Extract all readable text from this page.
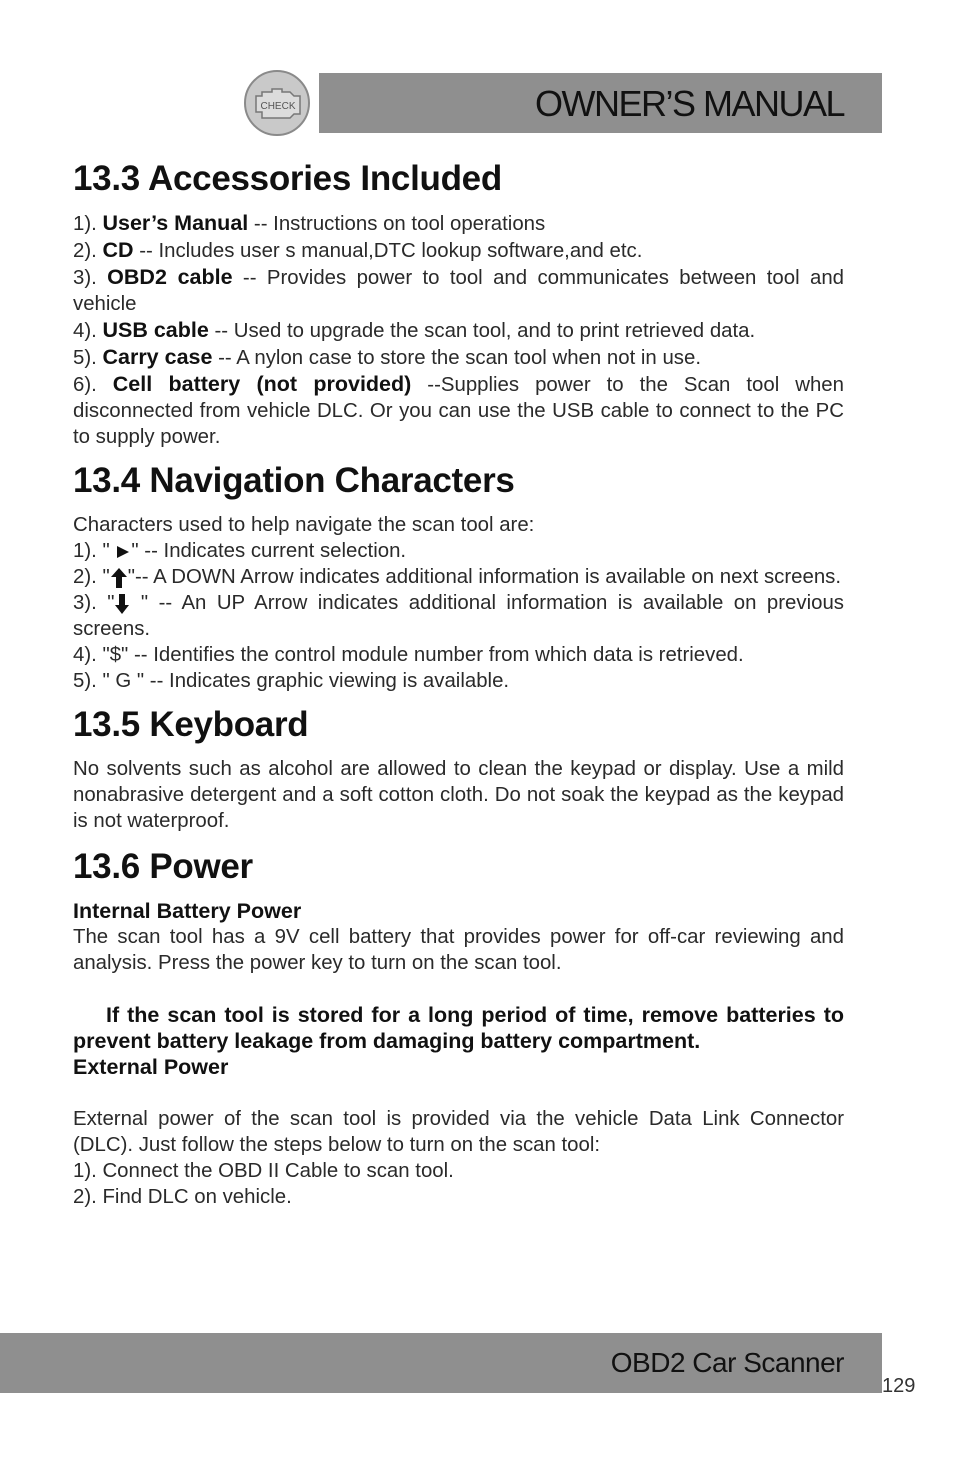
OWNER’S MANUAL
CHECK
13.3 Accessories Included

1). User’s Manual -- Instructions on tool operations

2). CD -- Includes user s manual,DTC lookup software,and etc.

3). OBD2 cable -- Provides power to tool and communicates between tool and vehicle

4). USB cable -- Used to upgrade the scan tool, and to print retrieved data.

5). Carry case -- A nylon case to store the scan tool when not in use.

6). Cell battery (not provided) --Supplies power to the Scan tool when disconnected from vehicle DLC. Or you can use the USB cable to connect to the PC to supply power.

13.4 Navigation Characters

Characters used to help navigate the scan tool are:

1). " " -- Indicates current selection.

2). " "-- A DOWN Arrow indicates additional information is available on next screens.

3). " " -- An UP Arrow indicates additional information is available on previous screens.

4). "$" -- Identifies the control module number from which data is retrieved.

5). " G " -- Indicates graphic viewing is available.

13.5 Keyboard

No solvents such as alcohol are allowed to clean the keypad or display. Use a mild nonabrasive detergent and a soft cotton cloth. Do not soak the keypad as the keypad is not waterproof.

13.6 Power

Internal Battery Power

The scan tool has a 9V cell battery that provides power for off-car reviewing and analysis. Press the power key to turn on the scan tool.

If the scan tool is stored for a long period of time, remove batteries to prevent battery leakage from damaging battery compartment.

External Power

External power of the scan tool is provided via the vehicle Data Link Connector (DLC). Just follow the steps below to turn on the scan tool:

1). Connect the OBD II Cable to scan tool.

2). Find DLC on vehicle.

OBD2 Car Scanner
129
